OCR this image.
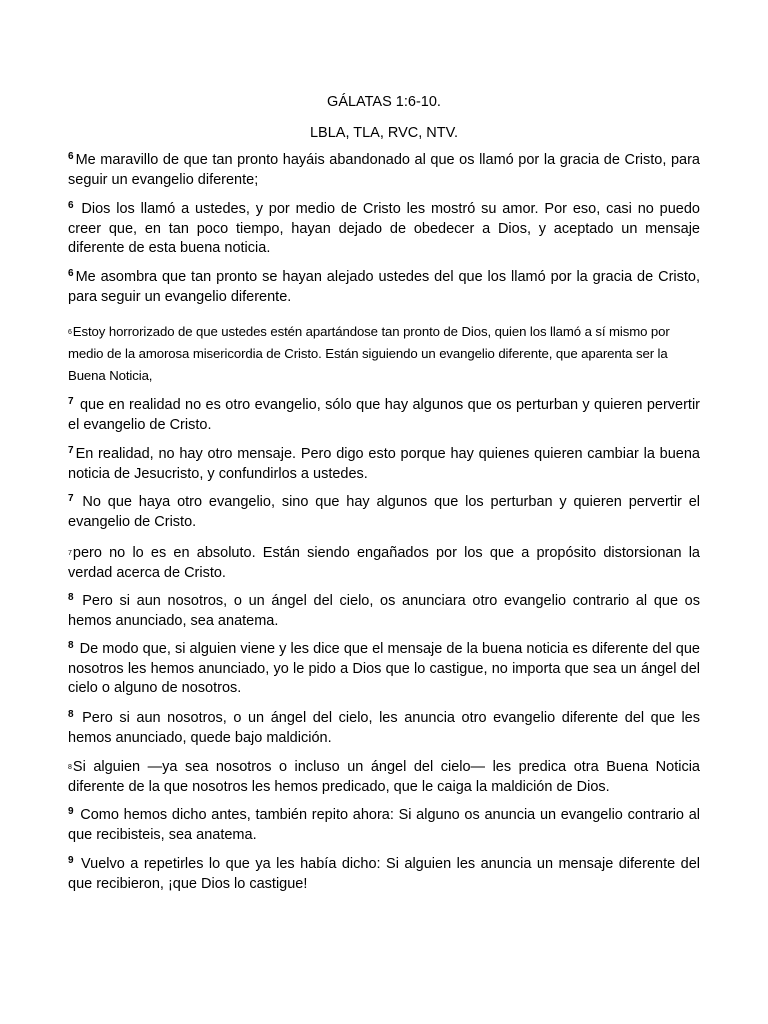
GÁLATAS 1:6-10.
LBLA, TLA, RVC, NTV.

$^6$ Me maravillo de que tan pronto hayáis abandonado al que os llamó por la gracia de Cristo, para seguir un evangelio diferente;

$^6$ Dios los llamó a ustedes, y por medio de Cristo les mostró su amor. Por eso, casi no puedo creer que, en tan poco tiempo, hayan dejado de obedecer a Dios, y aceptado un mensaje diferente de esta buena noticia.

$^6$ Me asombra que tan pronto se hayan alejado ustedes del que los llamó por la gracia de Cristo, para seguir un evangelio diferente.

6Estoy horrorizado de que ustedes estén apartándose tan pronto de Dios, quien los llamó a sí mismo por medio de la amorosa misericordia de Cristo. Están siguiendo un evangelio diferente, que aparenta ser la Buena Noticia,

$^7$ que en realidad no es otro evangelio, sólo que hay algunos que os perturban y quieren pervertir el evangelio de Cristo.

$^7$ En realidad, no hay otro mensaje. Pero digo esto porque hay quienes quieren cambiar la buena noticia de Jesucristo, y confundirlos a ustedes.

$^7$ No que haya otro evangelio, sino que hay algunos que los perturban y quieren pervertir el evangelio de Cristo.

7pero no lo es en absoluto. Están siendo engañados por los que a propósito distorsionan la verdad acerca de Cristo.

$^8$ Pero si aun nosotros, o un ángel del cielo, os anunciara otro evangelio contrario al que os hemos anunciado, sea anatema.

$^8$ De modo que, si alguien viene y les dice que el mensaje de la buena noticia es diferente del que nosotros les hemos anunciado, yo le pido a Dios que lo castigue, no importa que sea un ángel del cielo o alguno de nosotros.

$^8$ Pero si aun nosotros, o un ángel del cielo, les anuncia otro evangelio diferente del que les hemos anunciado, quede bajo maldición.

8Si alguien —ya sea nosotros o incluso un ángel del cielo— les predica otra Buena Noticia diferente de la que nosotros les hemos predicado, que le caiga la maldición de Dios.

$^9$ Como hemos dicho antes, también repito ahora: Si alguno os anuncia un evangelio contrario al que recibisteis, sea anatema.

$^9$ Vuelvo a repetirles lo que ya les había dicho: Si alguien les anuncia un mensaje diferente del que recibieron, ¡que Dios lo castigue!
